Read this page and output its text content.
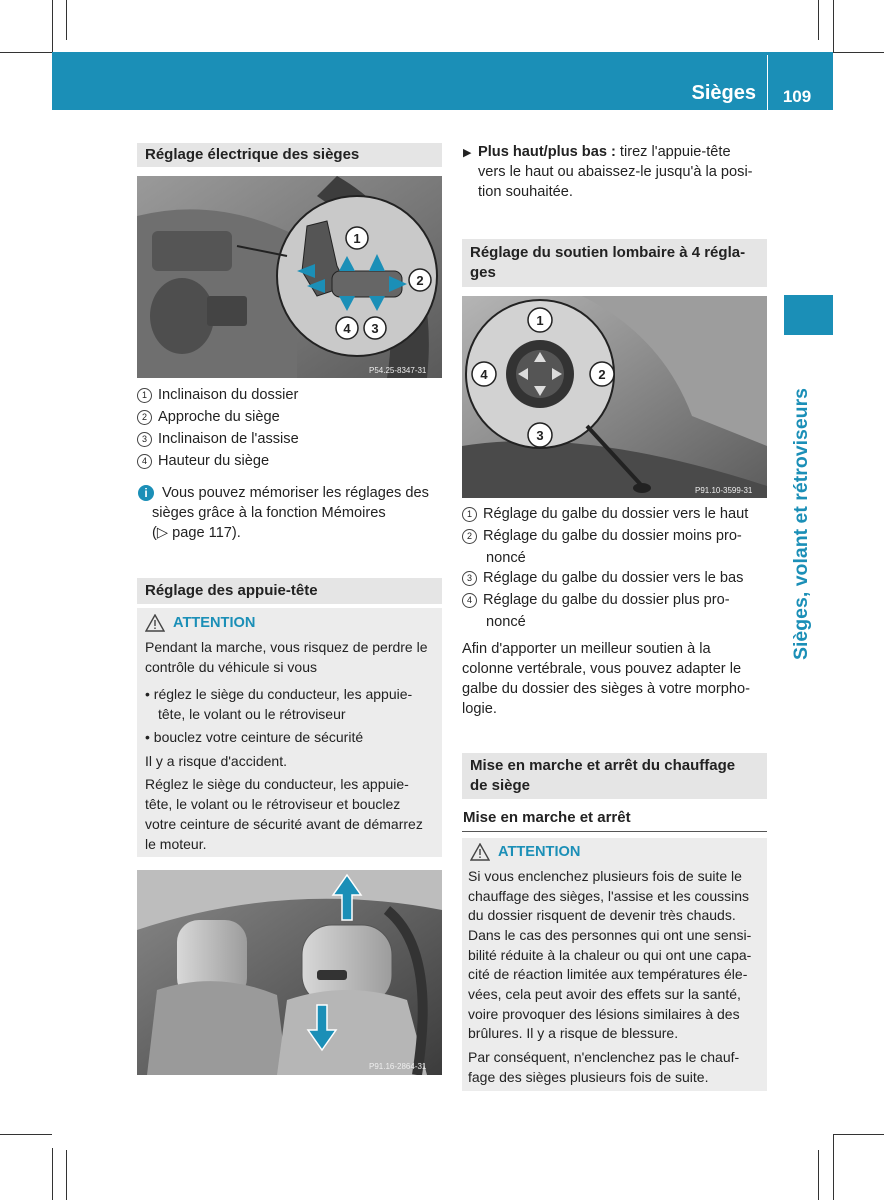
Sièges	109
Sièges, volant et rétroviseurs
Réglage électrique des sièges
1
2
3
4
P54.25-8347-31
1 Inclinaison du dossier
2 Approche du siège
3 Inclinaison de l'assise
4 Hauteur du siège
i Vous pouvez mémoriser les réglages des
sièges grâce à la fonction Mémoires
(▷ page 117).
Réglage des appuie-tête
ATTENTION
Pendant la marche, vous risquez de perdre le
contrôle du véhicule si vous
• réglez le siège du conducteur, les appuie-
tête, le volant ou le rétroviseur
• bouclez votre ceinture de sécurité
Il y a risque d'accident.
Réglez le siège du conducteur, les appuie-
tête, le volant ou le rétroviseur et bouclez
votre ceinture de sécurité avant de démarrez
le moteur.
P91.16-2864-31
▶ Plus haut/plus bas : tirez l'appuie-tête
vers le haut ou abaissez-le jusqu'à la posi-
tion souhaitée.
Réglage du soutien lombaire à 4 régla-
ges
1
2
3
4
P91.10-3599-31
1 Réglage du galbe du dossier vers le haut
2 Réglage du galbe du dossier moins pro-
noncé
3 Réglage du galbe du dossier vers le bas
4 Réglage du galbe du dossier plus pro-
noncé
Afin d'apporter un meilleur soutien à la
colonne vertébrale, vous pouvez adapter le
galbe du dossier des sièges à votre morpho-
logie.
Mise en marche et arrêt du chauffage
de siège
Mise en marche et arrêt
ATTENTION
Si vous enclenchez plusieurs fois de suite le
chauffage des sièges, l'assise et les coussins
du dossier risquent de devenir très chauds.
Dans le cas des personnes qui ont une sensi-
bilité réduite à la chaleur ou qui ont une capa-
cité de réaction limitée aux températures éle-
vées, cela peut avoir des effets sur la santé,
voire provoquer des lésions similaires à des
brûlures. Il y a risque de blessure.
Par conséquent, n'enclenchez pas le chauf-
fage des sièges plusieurs fois de suite.
